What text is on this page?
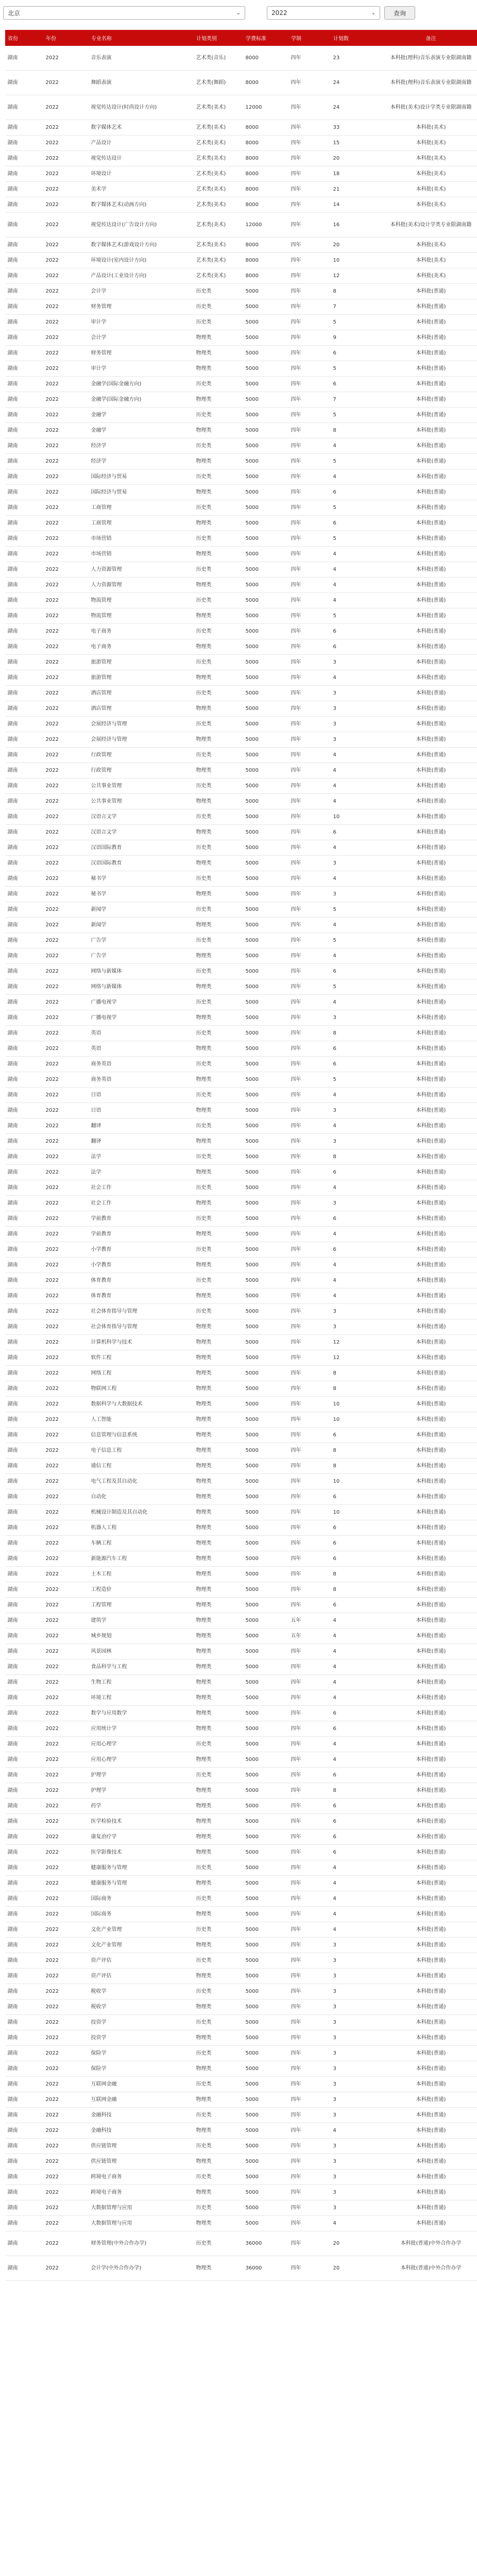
北京	⌄	2022	⌄	查询
省份	年份	专业名称	计划类别	学费标准	学制	计划数	备注
湖南	2022	音乐表演	艺术类(音乐)	8000	四年	23	本科批(理科)音乐表演专业限湖南籍
湖南	2022	舞蹈表演	艺术类(舞蹈)	8000	四年	24	本科批(理科)音乐表演专业限湖南籍
湖南	2022	视觉传达设计(时尚设计方向)	艺术类(美术)	12000	四年	24	本科批(美术)设计学类专业限湖南籍
湖南	2022	数字媒体艺术	艺术类(美术)	8000	四年	33	本科批(美术)
湖南	2022	产品设计	艺术类(美术)	8000	四年	15	本科批(美术)
湖南	2022	视觉传达设计	艺术类(美术)	8000	四年	20	本科批(美术)
湖南	2022	环境设计	艺术类(美术)	8000	四年	18	本科批(美术)
湖南	2022	美术学	艺术类(美术)	8000	四年	21	本科批(美术)
湖南	2022	数字媒体艺术(动画方向)	艺术类(美术)	8000	四年	14	本科批(美术)
湖南	2022	视觉传达设计(广告设计方向)	艺术类(美术)	12000	四年	16	本科批(美术)设计学类专业限湖南籍
湖南	2022	数字媒体艺术(游戏设计方向)	艺术类(美术)	8000	四年	20	本科批(美术)
湖南	2022	环境设计(室内设计方向)	艺术类(美术)	8000	四年	10	本科批(美术)
湖南	2022	产品设计(工业设计方向)	艺术类(美术)	8000	四年	12	本科批(美术)
湖南	2022	会计学	历史类	5000	四年	8	本科批(普通)
湖南	2022	财务管理	历史类	5000	四年	7	本科批(普通)
湖南	2022	审计学	历史类	5000	四年	5	本科批(普通)
湖南	2022	会计学	物理类	5000	四年	9	本科批(普通)
湖南	2022	财务管理	物理类	5000	四年	6	本科批(普通)
湖南	2022	审计学	物理类	5000	四年	5	本科批(普通)
湖南	2022	金融学(国际金融方向)	历史类	5000	四年	6	本科批(普通)
湖南	2022	金融学(国际金融方向)	物理类	5000	四年	7	本科批(普通)
湖南	2022	金融学	历史类	5000	四年	5	本科批(普通)
湖南	2022	金融学	物理类	5000	四年	8	本科批(普通)
湖南	2022	经济学	历史类	5000	四年	4	本科批(普通)
湖南	2022	经济学	物理类	5000	四年	5	本科批(普通)
湖南	2022	国际经济与贸易	历史类	5000	四年	4	本科批(普通)
湖南	2022	国际经济与贸易	物理类	5000	四年	6	本科批(普通)
湖南	2022	工商管理	历史类	5000	四年	5	本科批(普通)
湖南	2022	工商管理	物理类	5000	四年	6	本科批(普通)
湖南	2022	市场营销	历史类	5000	四年	5	本科批(普通)
湖南	2022	市场营销	物理类	5000	四年	4	本科批(普通)
湖南	2022	人力资源管理	历史类	5000	四年	4	本科批(普通)
湖南	2022	人力资源管理	物理类	5000	四年	4	本科批(普通)
湖南	2022	物流管理	历史类	5000	四年	4	本科批(普通)
湖南	2022	物流管理	物理类	5000	四年	5	本科批(普通)
湖南	2022	电子商务	历史类	5000	四年	6	本科批(普通)
湖南	2022	电子商务	物理类	5000	四年	6	本科批(普通)
湖南	2022	旅游管理	历史类	5000	四年	3	本科批(普通)
湖南	2022	旅游管理	物理类	5000	四年	4	本科批(普通)
湖南	2022	酒店管理	历史类	5000	四年	3	本科批(普通)
湖南	2022	酒店管理	物理类	5000	四年	3	本科批(普通)
湖南	2022	会展经济与管理	历史类	5000	四年	3	本科批(普通)
湖南	2022	会展经济与管理	物理类	5000	四年	3	本科批(普通)
湖南	2022	行政管理	历史类	5000	四年	4	本科批(普通)
湖南	2022	行政管理	物理类	5000	四年	4	本科批(普通)
湖南	2022	公共事业管理	历史类	5000	四年	4	本科批(普通)
湖南	2022	公共事业管理	物理类	5000	四年	4	本科批(普通)
湖南	2022	汉语言文学	历史类	5000	四年	10	本科批(普通)
湖南	2022	汉语言文学	物理类	5000	四年	6	本科批(普通)
湖南	2022	汉语国际教育	历史类	5000	四年	4	本科批(普通)
湖南	2022	汉语国际教育	物理类	5000	四年	3	本科批(普通)
湖南	2022	秘书学	历史类	5000	四年	4	本科批(普通)
湖南	2022	秘书学	物理类	5000	四年	3	本科批(普通)
湖南	2022	新闻学	历史类	5000	四年	5	本科批(普通)
湖南	2022	新闻学	物理类	5000	四年	4	本科批(普通)
湖南	2022	广告学	历史类	5000	四年	5	本科批(普通)
湖南	2022	广告学	物理类	5000	四年	4	本科批(普通)
湖南	2022	网络与新媒体	历史类	5000	四年	6	本科批(普通)
湖南	2022	网络与新媒体	物理类	5000	四年	5	本科批(普通)
湖南	2022	广播电视学	历史类	5000	四年	4	本科批(普通)
湖南	2022	广播电视学	物理类	5000	四年	3	本科批(普通)
湖南	2022	英语	历史类	5000	四年	8	本科批(普通)
湖南	2022	英语	物理类	5000	四年	6	本科批(普通)
湖南	2022	商务英语	历史类	5000	四年	6	本科批(普通)
湖南	2022	商务英语	物理类	5000	四年	5	本科批(普通)
湖南	2022	日语	历史类	5000	四年	4	本科批(普通)
湖南	2022	日语	物理类	5000	四年	3	本科批(普通)
湖南	2022	翻译	历史类	5000	四年	4	本科批(普通)
湖南	2022	翻译	物理类	5000	四年	3	本科批(普通)
湖南	2022	法学	历史类	5000	四年	8	本科批(普通)
湖南	2022	法学	物理类	5000	四年	6	本科批(普通)
湖南	2022	社会工作	历史类	5000	四年	4	本科批(普通)
湖南	2022	社会工作	物理类	5000	四年	3	本科批(普通)
湖南	2022	学前教育	历史类	5000	四年	6	本科批(普通)
湖南	2022	学前教育	物理类	5000	四年	4	本科批(普通)
湖南	2022	小学教育	历史类	5000	四年	6	本科批(普通)
湖南	2022	小学教育	物理类	5000	四年	4	本科批(普通)
湖南	2022	体育教育	历史类	5000	四年	4	本科批(普通)
湖南	2022	体育教育	物理类	5000	四年	4	本科批(普通)
湖南	2022	社会体育指导与管理	历史类	5000	四年	3	本科批(普通)
湖南	2022	社会体育指导与管理	物理类	5000	四年	3	本科批(普通)
湖南	2022	计算机科学与技术	物理类	5000	四年	12	本科批(普通)
湖南	2022	软件工程	物理类	5000	四年	12	本科批(普通)
湖南	2022	网络工程	物理类	5000	四年	8	本科批(普通)
湖南	2022	物联网工程	物理类	5000	四年	8	本科批(普通)
湖南	2022	数据科学与大数据技术	物理类	5000	四年	10	本科批(普通)
湖南	2022	人工智能	物理类	5000	四年	10	本科批(普通)
湖南	2022	信息管理与信息系统	物理类	5000	四年	6	本科批(普通)
湖南	2022	电子信息工程	物理类	5000	四年	8	本科批(普通)
湖南	2022	通信工程	物理类	5000	四年	8	本科批(普通)
湖南	2022	电气工程及其自动化	物理类	5000	四年	10	本科批(普通)
湖南	2022	自动化	物理类	5000	四年	6	本科批(普通)
湖南	2022	机械设计制造及其自动化	物理类	5000	四年	10	本科批(普通)
湖南	2022	机器人工程	物理类	5000	四年	6	本科批(普通)
湖南	2022	车辆工程	物理类	5000	四年	6	本科批(普通)
湖南	2022	新能源汽车工程	物理类	5000	四年	6	本科批(普通)
湖南	2022	土木工程	物理类	5000	四年	8	本科批(普通)
湖南	2022	工程造价	物理类	5000	四年	8	本科批(普通)
湖南	2022	工程管理	物理类	5000	四年	6	本科批(普通)
湖南	2022	建筑学	物理类	5000	五年	4	本科批(普通)
湖南	2022	城乡规划	物理类	5000	五年	4	本科批(普通)
湖南	2022	风景园林	物理类	5000	四年	4	本科批(普通)
湖南	2022	食品科学与工程	物理类	5000	四年	4	本科批(普通)
湖南	2022	生物工程	物理类	5000	四年	4	本科批(普通)
湖南	2022	环境工程	物理类	5000	四年	4	本科批(普通)
湖南	2022	数学与应用数学	物理类	5000	四年	6	本科批(普通)
湖南	2022	应用统计学	物理类	5000	四年	6	本科批(普通)
湖南	2022	应用心理学	历史类	5000	四年	4	本科批(普通)
湖南	2022	应用心理学	物理类	5000	四年	4	本科批(普通)
湖南	2022	护理学	历史类	5000	四年	6	本科批(普通)
湖南	2022	护理学	物理类	5000	四年	8	本科批(普通)
湖南	2022	药学	物理类	5000	四年	6	本科批(普通)
湖南	2022	医学检验技术	物理类	5000	四年	6	本科批(普通)
湖南	2022	康复治疗学	物理类	5000	四年	6	本科批(普通)
湖南	2022	医学影像技术	物理类	5000	四年	6	本科批(普通)
湖南	2022	健康服务与管理	历史类	5000	四年	4	本科批(普通)
湖南	2022	健康服务与管理	物理类	5000	四年	4	本科批(普通)
湖南	2022	国际商务	历史类	5000	四年	4	本科批(普通)
湖南	2022	国际商务	物理类	5000	四年	4	本科批(普通)
湖南	2022	文化产业管理	历史类	5000	四年	4	本科批(普通)
湖南	2022	文化产业管理	物理类	5000	四年	3	本科批(普通)
湖南	2022	资产评估	历史类	5000	四年	3	本科批(普通)
湖南	2022	资产评估	物理类	5000	四年	3	本科批(普通)
湖南	2022	税收学	历史类	5000	四年	3	本科批(普通)
湖南	2022	税收学	物理类	5000	四年	3	本科批(普通)
湖南	2022	投资学	历史类	5000	四年	3	本科批(普通)
湖南	2022	投资学	物理类	5000	四年	3	本科批(普通)
湖南	2022	保险学	历史类	5000	四年	3	本科批(普通)
湖南	2022	保险学	物理类	5000	四年	3	本科批(普通)
湖南	2022	互联网金融	历史类	5000	四年	3	本科批(普通)
湖南	2022	互联网金融	物理类	5000	四年	3	本科批(普通)
湖南	2022	金融科技	历史类	5000	四年	3	本科批(普通)
湖南	2022	金融科技	物理类	5000	四年	4	本科批(普通)
湖南	2022	供应链管理	历史类	5000	四年	3	本科批(普通)
湖南	2022	供应链管理	物理类	5000	四年	3	本科批(普通)
湖南	2022	跨境电子商务	历史类	5000	四年	3	本科批(普通)
湖南	2022	跨境电子商务	物理类	5000	四年	3	本科批(普通)
湖南	2022	大数据管理与应用	历史类	5000	四年	3	本科批(普通)
湖南	2022	大数据管理与应用	物理类	5000	四年	4	本科批(普通)
湖南	2022	财务管理(中外合作办学)	历史类	36000	四年	20	本科批(普通)中外合作办学
湖南	2022	会计学(中外合作办学)	物理类	36000	四年	20	本科批(普通)中外合作办学
